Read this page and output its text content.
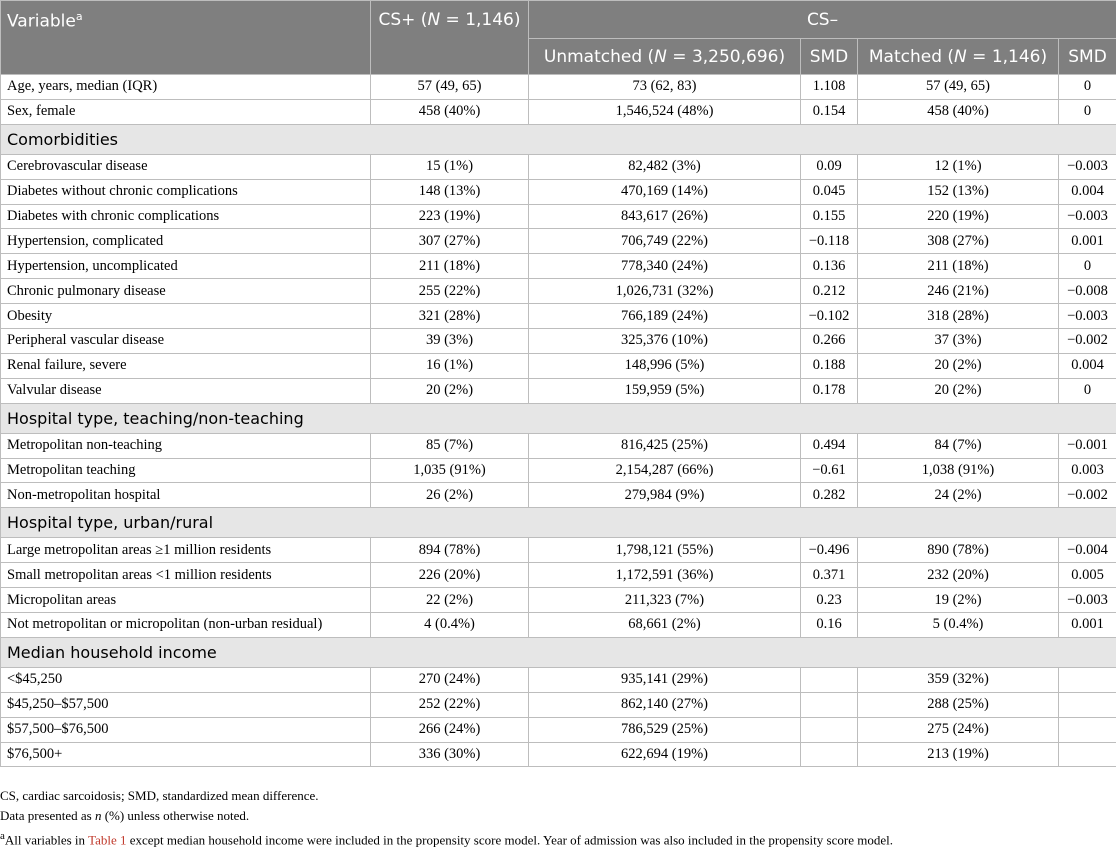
Variable$^a$	CS+ (N = 1,146)	CS–			
		Unmatched (N = 3,250,696)	SMD	Matched (N = 1,146)	SMD
Age, years, median (IQR)	57 (49, 65)	73 (62, 83)	1.108	57 (49, 65)	0
Sex, female	458 (40%)	1,546,524 (48%)	0.154	458 (40%)	0
Comorbidities					
Cerebrovascular disease	15 (1%)	82,482 (3%)	0.09	12 (1%)	−0.003
Diabetes without chronic complications	148 (13%)	470,169 (14%)	0.045	152 (13%)	0.004
Diabetes with chronic complications	223 (19%)	843,617 (26%)	0.155	220 (19%)	−0.003
Hypertension, complicated	307 (27%)	706,749 (22%)	−0.118	308 (27%)	0.001
Hypertension, uncomplicated	211 (18%)	778,340 (24%)	0.136	211 (18%)	0
Chronic pulmonary disease	255 (22%)	1,026,731 (32%)	0.212	246 (21%)	−0.008
Obesity	321 (28%)	766,189 (24%)	−0.102	318 (28%)	−0.003
Peripheral vascular disease	39 (3%)	325,376 (10%)	0.266	37 (3%)	−0.002
Renal failure, severe	16 (1%)	148,996 (5%)	0.188	20 (2%)	0.004
Valvular disease	20 (2%)	159,959 (5%)	0.178	20 (2%)	0
Hospital type, teaching/non-teaching					
Metropolitan non-teaching	85 (7%)	816,425 (25%)	0.494	84 (7%)	−0.001
Metropolitan teaching	1,035 (91%)	2,154,287 (66%)	−0.61	1,038 (91%)	0.003
Non-metropolitan hospital	26 (2%)	279,984 (9%)	0.282	24 (2%)	−0.002
Hospital type, urban/rural					
Large metropolitan areas ≥1 million residents	894 (78%)	1,798,121 (55%)	−0.496	890 (78%)	−0.004
Small metropolitan areas <1 million residents	226 (20%)	1,172,591 (36%)	0.371	232 (20%)	0.005
Micropolitan areas	22 (2%)	211,323 (7%)	0.23	19 (2%)	−0.003
Not metropolitan or micropolitan (non-urban residual)	4 (0.4%)	68,661 (2%)	0.16	5 (0.4%)	0.001
Median household income					
<$45,250	270 (24%)	935,141 (29%)		359 (32%)	
$45,250–$57,500	252 (22%)	862,140 (27%)		288 (25%)	
$57,500–$76,500	266 (24%)	786,529 (25%)		275 (24%)	
$76,500+	336 (30%)	622,694 (19%)		213 (19%)	
CS, cardiac sarcoidosis; SMD, standardized mean difference.
Data presented as n (%) unless otherwise noted.
$^a$All variables in Table 1 except median household income were included in the propensity score model. Year of admission was also included in the propensity score model.
